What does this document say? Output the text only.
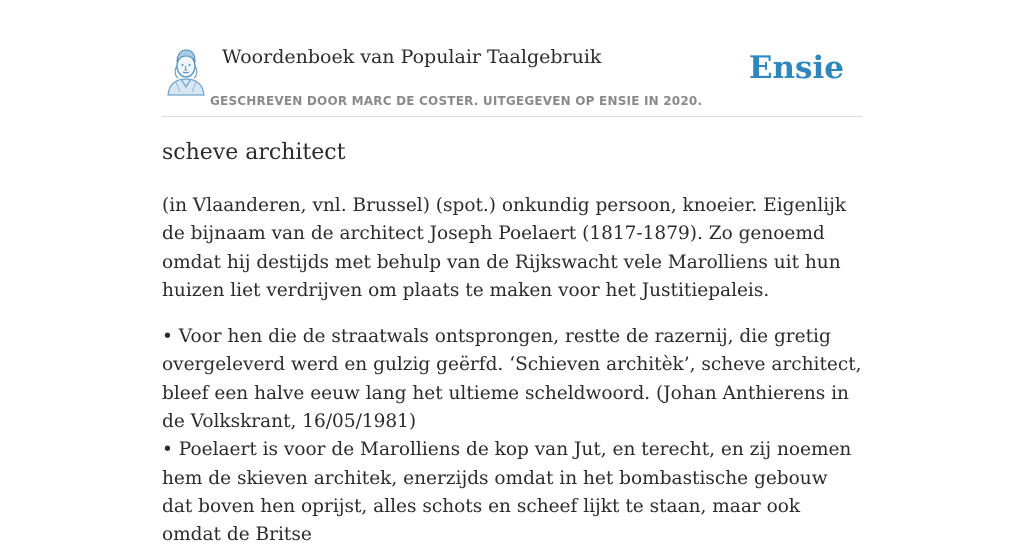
Woordenboek van Populair Taalgebruik
GESCHREVEN DOOR MARC DE COSTER. UITGEGEVEN OP ENSIE IN 2020.
Ensie
scheve architect

(in Vlaanderen, vnl. Brussel) (spot.) onkundig persoon, knoeier. Eigenlijk de bijnaam van de architect Joseph Poelaert (1817-1879). Zo genoemd omdat hij destijds met behulp van de Rijkswacht vele Marolliens uit hun huizen liet verdrijven om plaats te maken voor het Justitiepaleis.

• Voor hen die de straatwals ontsprongen, restte de razernij, die gretig overgeleverd werd en gulzig geërfd. ‘Schieven architèk’, scheve architect, bleef een halve eeuw lang het ultieme scheldwoord. (Johan Anthierens in de Volkskrant, 16/05/1981)

• Poelaert is voor de Marolliens de kop van Jut, en terecht, en zij noemen hem de skieven architek, enerzijds omdat in het bombastische gebouw dat boven hen oprijst, alles schots en scheef lijkt te staan, maar ook omdat de Britse
